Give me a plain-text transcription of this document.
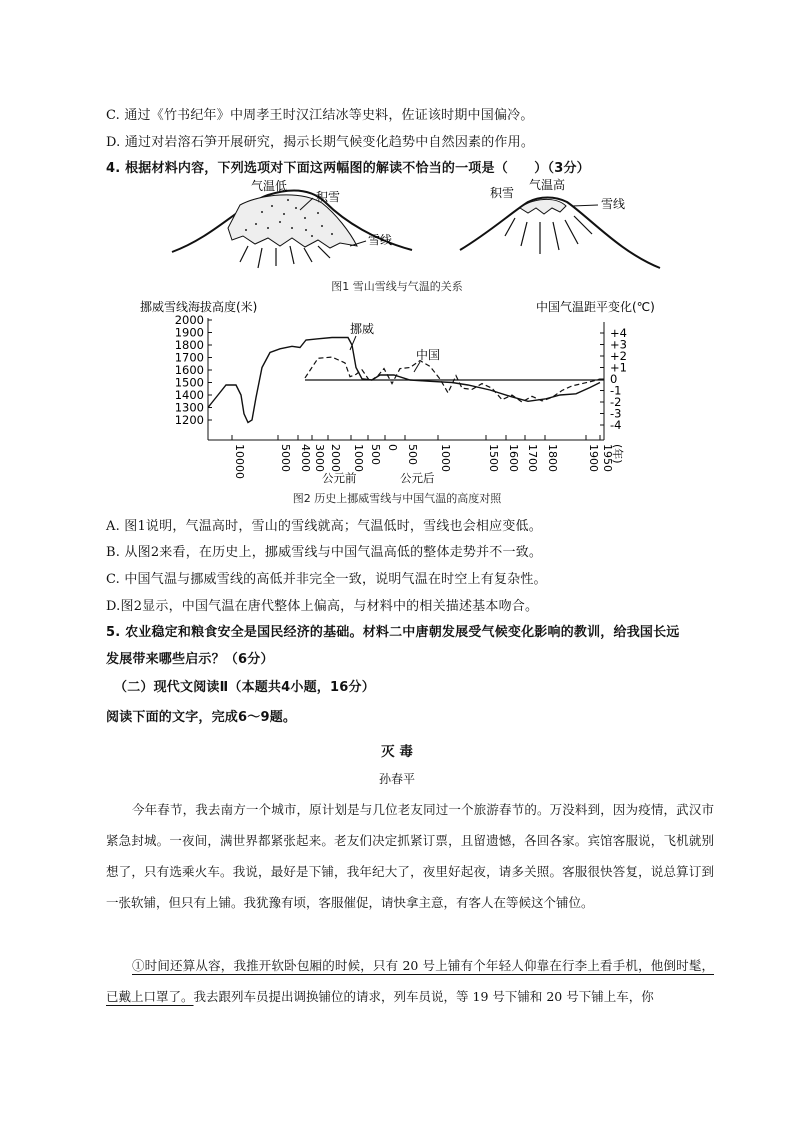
C. 通过《竹书纪年》中周孝王时汉江结冰等史料，佐证该时期中国偏冷。
D. 通过对岩溶石笋开展研究，揭示长期气候变化趋势中自然因素的作用。
4. 根据材料内容，下列选项对下面这两幅图的解读不恰当的一项是（　　）（3分）
气温低
积雪
雪线
气温高
积雪
雪线
图1 雪山雪线与气温的关系
挪威雪线海拔高度(米)	中国气温距平变化(℃)
2000
1900
1800
1700
1600
1500
1400
1300
1200
+4
+3
+2
+1
0
-1
-2
-3
-4
10000	5000 4000 3000 2000 1000 500 0 500 1000	1500 1600 1700 1800	1900 1950
(年)
挪威
中国
公元前	公元后
图2 历史上挪威雪线与中国气温的高度对照
A. 图1说明，气温高时，雪山的雪线就高；气温低时，雪线也会相应变低。
B. 从图2来看，在历史上，挪威雪线与中国气温高低的整体走势并不一致。
C. 中国气温与挪威雪线的高低并非完全一致，说明气温在时空上有复杂性。
D.图2显示，中国气温在唐代整体上偏高，与材料中的相关描述基本吻合。
5. 农业稳定和粮食安全是国民经济的基础。材料二中唐朝发展受气候变化影响的教训，给我国长远
发展带来哪些启示？（6分）
（二）现代文阅读Ⅱ（本题共4小题，16分）
阅读下面的文字，完成6～9题。
灭 毒
孙春平
今年春节，我去南方一个城市，原计划是与几位老友同过一个旅游春节的。万没料到，因为疫情，武汉市紧急封城。一夜间，满世界都紧张起来。老友们决定抓紧订票，且留遗憾，各回各家。宾馆客服说，飞机就别想了，只有选乘火车。我说，最好是下铺，我年纪大了，夜里好起夜，请多关照。客服很快答复，说总算订到一张软铺，但只有上铺。我犹豫有顷，客服催促，请快拿主意，有客人在等候这个铺位。
①时间还算从容，我推开软卧包厢的时候，只有 20 号上铺有个年轻人仰靠在行李上看手机，他倒时髦，已戴上口罩了。我去跟列车员提出调换铺位的请求，列车员说，等 19 号下铺和 20 号下铺上车，你
